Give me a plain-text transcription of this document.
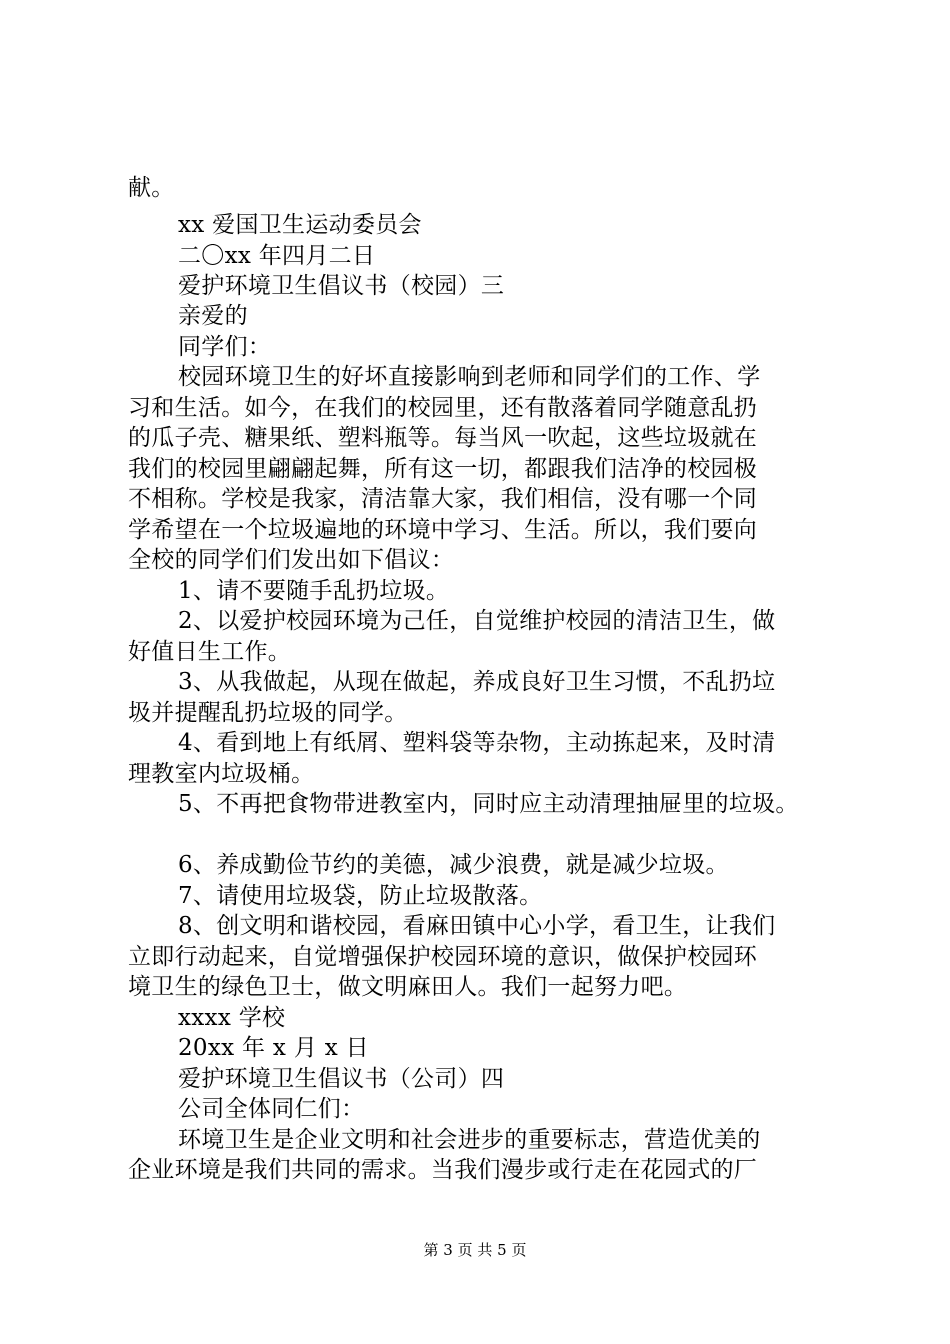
献。
xx 爱国卫生运动委员会
二〇xx 年四月二日
爱护环境卫生倡议书（校园）三
亲爱的
同学们：
校园环境卫生的好坏直接影响到老师和同学们的工作、学
习和生活。如今，在我们的校园里，还有散落着同学随意乱扔
的瓜子壳、糖果纸、塑料瓶等。每当风一吹起，这些垃圾就在
我们的校园里翩翩起舞，所有这一切，都跟我们洁净的校园极
不相称。学校是我家，清洁靠大家，我们相信，没有哪一个同
学希望在一个垃圾遍地的环境中学习、生活。所以，我们要向
全校的同学们们发出如下倡议：
1、请不要随手乱扔垃圾。
2、以爱护校园环境为己任，自觉维护校园的清洁卫生，做
好值日生工作。
3、从我做起，从现在做起，养成良好卫生习惯，不乱扔垃
圾并提醒乱扔垃圾的同学。
4、看到地上有纸屑、塑料袋等杂物，主动拣起来，及时清
理教室内垃圾桶。
5、不再把食物带进教室内，同时应主动清理抽屉里的垃圾。
6、养成勤俭节约的美德，减少浪费，就是减少垃圾。
7、请使用垃圾袋，防止垃圾散落。
8、创文明和谐校园，看麻田镇中心小学，看卫生，让我们
立即行动起来，自觉增强保护校园环境的意识，做保护校园环
境卫生的绿色卫士，做文明麻田人。我们一起努力吧。
xxxx 学校
20xx 年 x 月 x 日
爱护环境卫生倡议书（公司）四
公司全体同仁们：
环境卫生是企业文明和社会进步的重要标志，营造优美的
企业环境是我们共同的需求。当我们漫步或行走在花园式的厂
第 3 页 共 5 页
